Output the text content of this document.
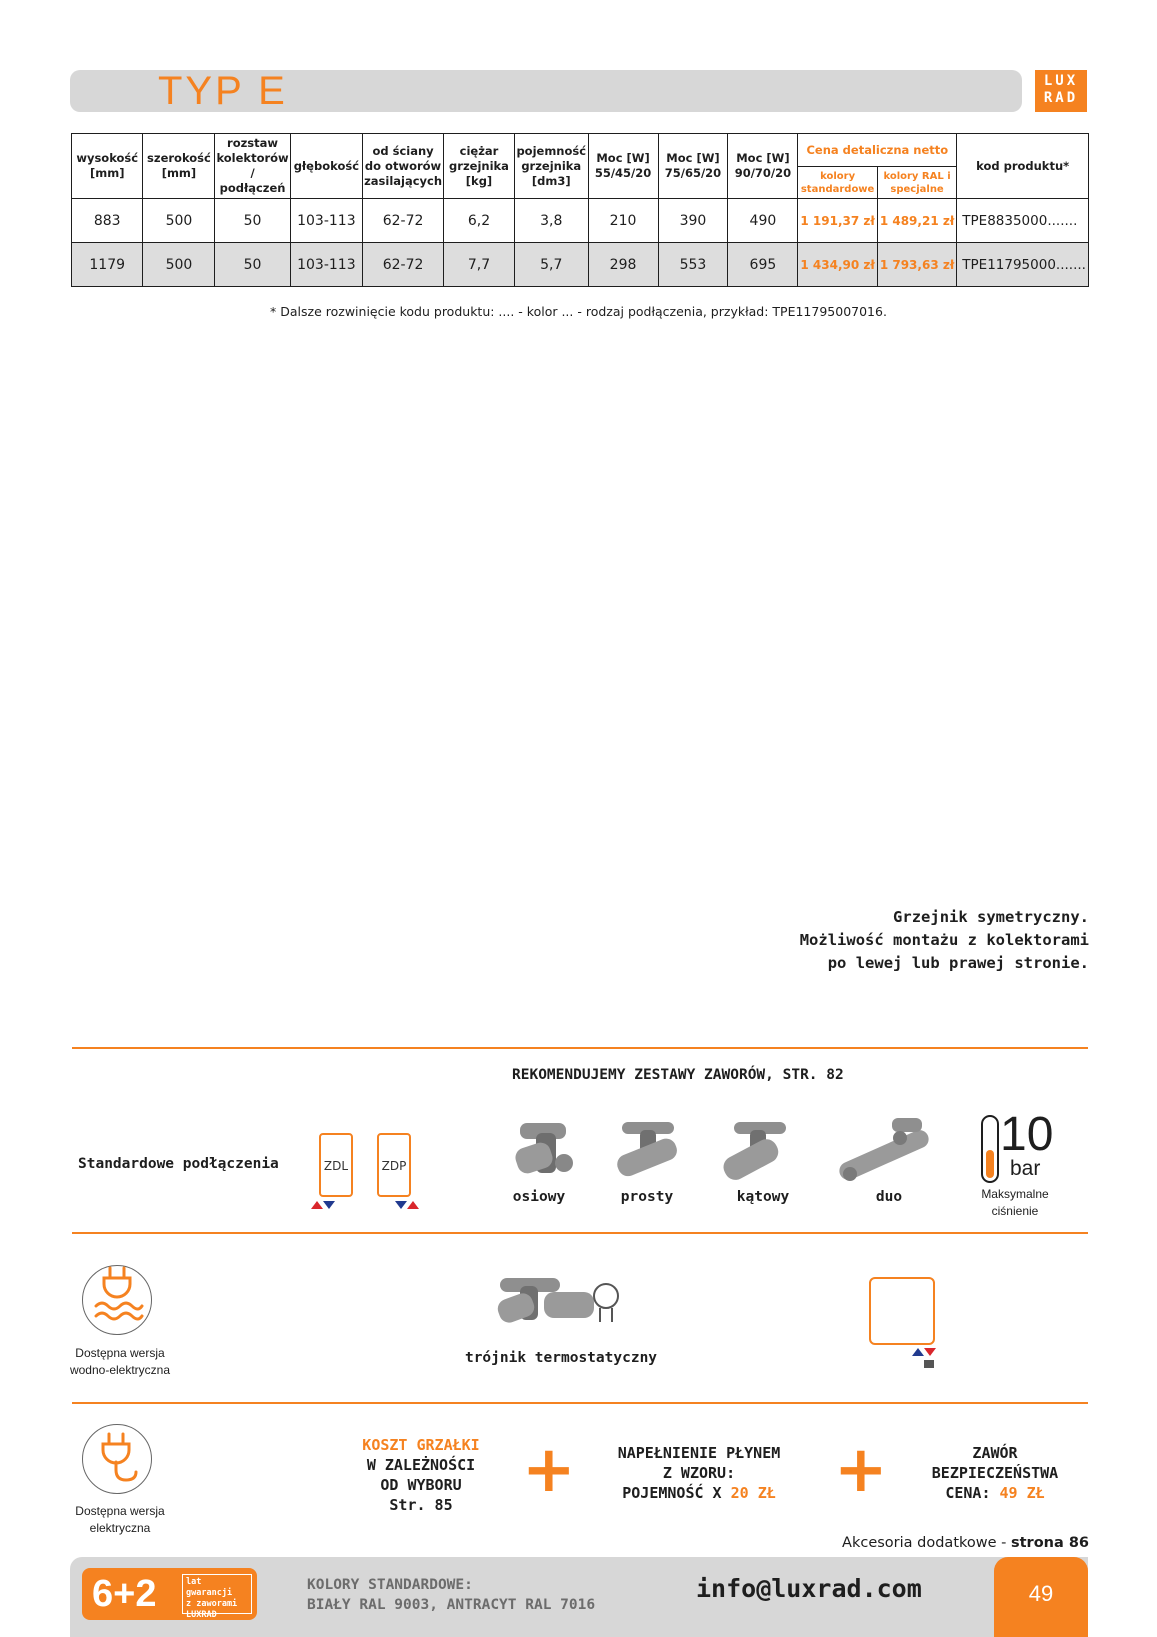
TYP E	LUX
RAD
wysokość [mm]	szerokość [mm]	rozstaw kolektorów / podłączeń	głębokość	od ściany do otworów zasilających	ciężar grzejnika [kg]	pojemność grzejnika [dm3]	Moc [W] 55/45/20	Moc [W] 75/65/20	Moc [W] 90/70/20	Cena detaliczna netto		kod produktu*
										kolory standardowe	kolory RAL i specjalne	
883	500	50	103-113	62-72	6,2	3,8	210	390	490	1 191,37 zł	1 489,21 zł	TPE8835000.......
1179	500	50	103-113	62-72	7,7	5,7	298	553	695	1 434,90 zł	1 793,63 zł	TPE11795000.......
* Dalsze rozwinięcie kodu produktu: .... - kolor ... - rodzaj podłączenia, przykład: TPE11795007016.
Grzejnik symetryczny.
Możliwość montażu z kolektorami
po lewej lub prawej stronie.
REKOMENDUJEMY ZESTAWY ZAWORÓW, STR. 82
Standardowe podłączenia	ZDL	ZDP
osiowy	prosty	kątowy	duo
10
bar
Maksymalne
ciśnienie
Dostępna wersja
wodno-elektryczna
trójnik termostatyczny
Dostępna wersja
elektryczna
KOSZT GRZAŁKI
W ZALEŻNOŚCI
OD WYBORU
Str. 85	+	NAPEŁNIENIE PŁYNEM
Z WZORU:
POJEMNOŚĆ X 20 ZŁ +	ZAWÓR
BEZPIECZEŃSTWA
CENA: 49 ZŁ
Akcesoria dodatkowe - strona 86
6+2	lat gwarancji
z zaworami
LUXRAD
KOLORY STANDARDOWE:
BIAŁY RAL 9003, ANTRACYT RAL 7016
info@luxrad.com	49
